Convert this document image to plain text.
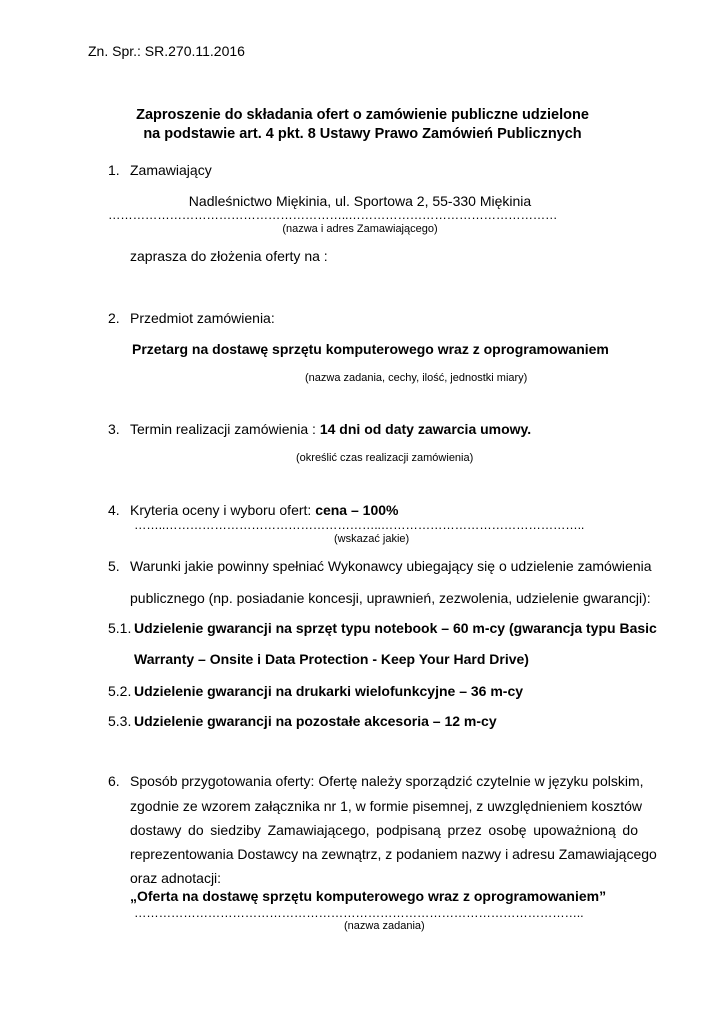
Zn. Spr.: SR.270.11.2016
Zaproszenie do składania ofert o zamówienie publiczne udzielone
na podstawie art. 4 pkt. 8 Ustawy Prawo Zamówień Publicznych
1. Zamawiający
Nadleśnictwo Miękinia, ul. Sportowa 2, 55-330 Miękinia
…………………………………………………..……………………………………………
(nazwa i adres Zamawiającego)
zaprasza do złożenia oferty na :
2. Przedmiot zamówienia:
Przetarg na dostawę sprzętu komputerowego wraz z oprogramowaniem
(nazwa zadania, cechy, ilość, jednostki miary)
3. Termin realizacji zamówienia : 14 dni od daty zawarcia umowy.
(określić czas realizacji zamówienia)
4. Kryteria oceny i wyboru ofert: cena – 100%
……..……………………………………………..…………………………………………..
(wskazać jakie)
5. Warunki jakie powinny spełniać Wykonawcy ubiegający się o udzielenie zamówienia
publicznego (np. posiadanie koncesji, uprawnień, zezwolenia, udzielenie gwarancji):
5.1. Udzielenie gwarancji na sprzęt typu notebook – 60 m-cy (gwarancja typu Basic
Warranty – Onsite i Data Protection - Keep Your Hard Drive)
5.2. Udzielenie gwarancji na drukarki wielofunkcyjne – 36 m-cy
5.3. Udzielenie gwarancji na pozostałe akcesoria – 12 m-cy
6. Sposób przygotowania oferty: Ofertę należy sporządzić czytelnie w języku polskim,
zgodnie ze wzorem załącznika nr 1, w formie pisemnej, z uwzględnieniem kosztów
dostawy do siedziby Zamawiającego, podpisaną przez osobę upoważnioną do
reprezentowania Dostawcy na zewnątrz, z podaniem nazwy i adresu Zamawiającego
oraz adnotacji:
„Oferta na dostawę sprzętu komputerowego wraz z oprogramowaniem”
………………………………………………………………………………………………..
(nazwa zadania)
